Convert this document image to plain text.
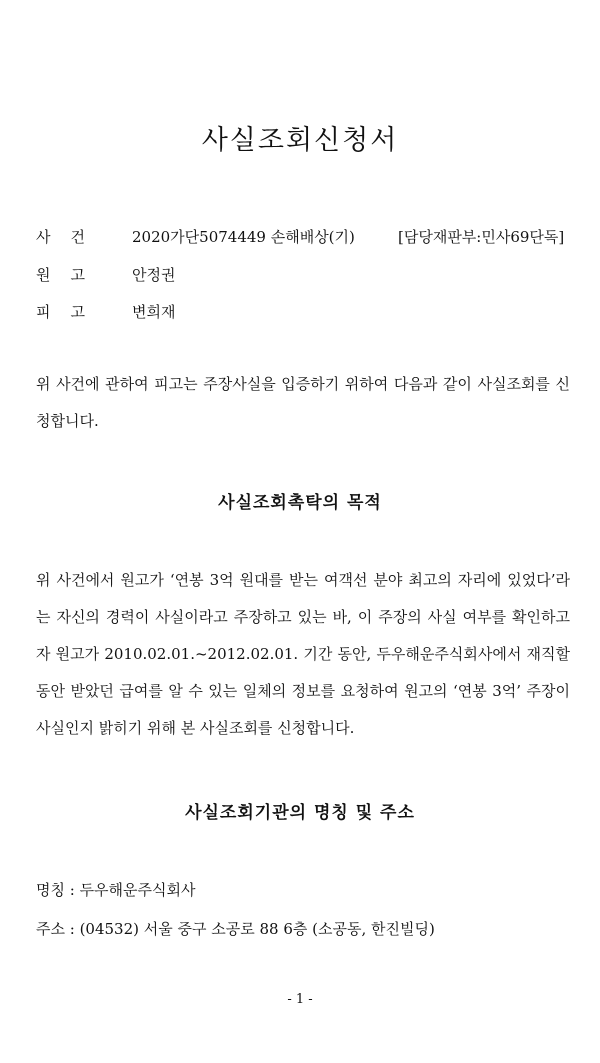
사실조회신청서
사 건	2020가단5074449 손해배상(기)	[담당재판부:민사69단독]
원 고	안정권
피 고	변희재
위 사건에 관하여 피고는 주장사실을 입증하기 위하여 다음과 같이 사실조회를 신청합니다.
사실조회촉탁의 목적
위 사건에서 원고가 ‘연봉 3억 원대를 받는 여객선 분야 최고의 자리에 있었다’라는 자신의 경력이 사실이라고 주장하고 있는 바, 이 주장의 사실 여부를 확인하고자 원고가 2010.02.01.~2012.02.01. 기간 동안, 두우해운주식회사에서 재직할 동안 받았던 급여를 알 수 있는 일체의 정보를 요청하여 원고의 ‘연봉 3억’ 주장이 사실인지 밝히기 위해 본 사실조회를 신청합니다.
사실조회기관의 명칭 및 주소
명칭 : 두우해운주식회사
주소 : (04532) 서울 중구 소공로 88 6층 (소공동, 한진빌딩)
- 1 -
